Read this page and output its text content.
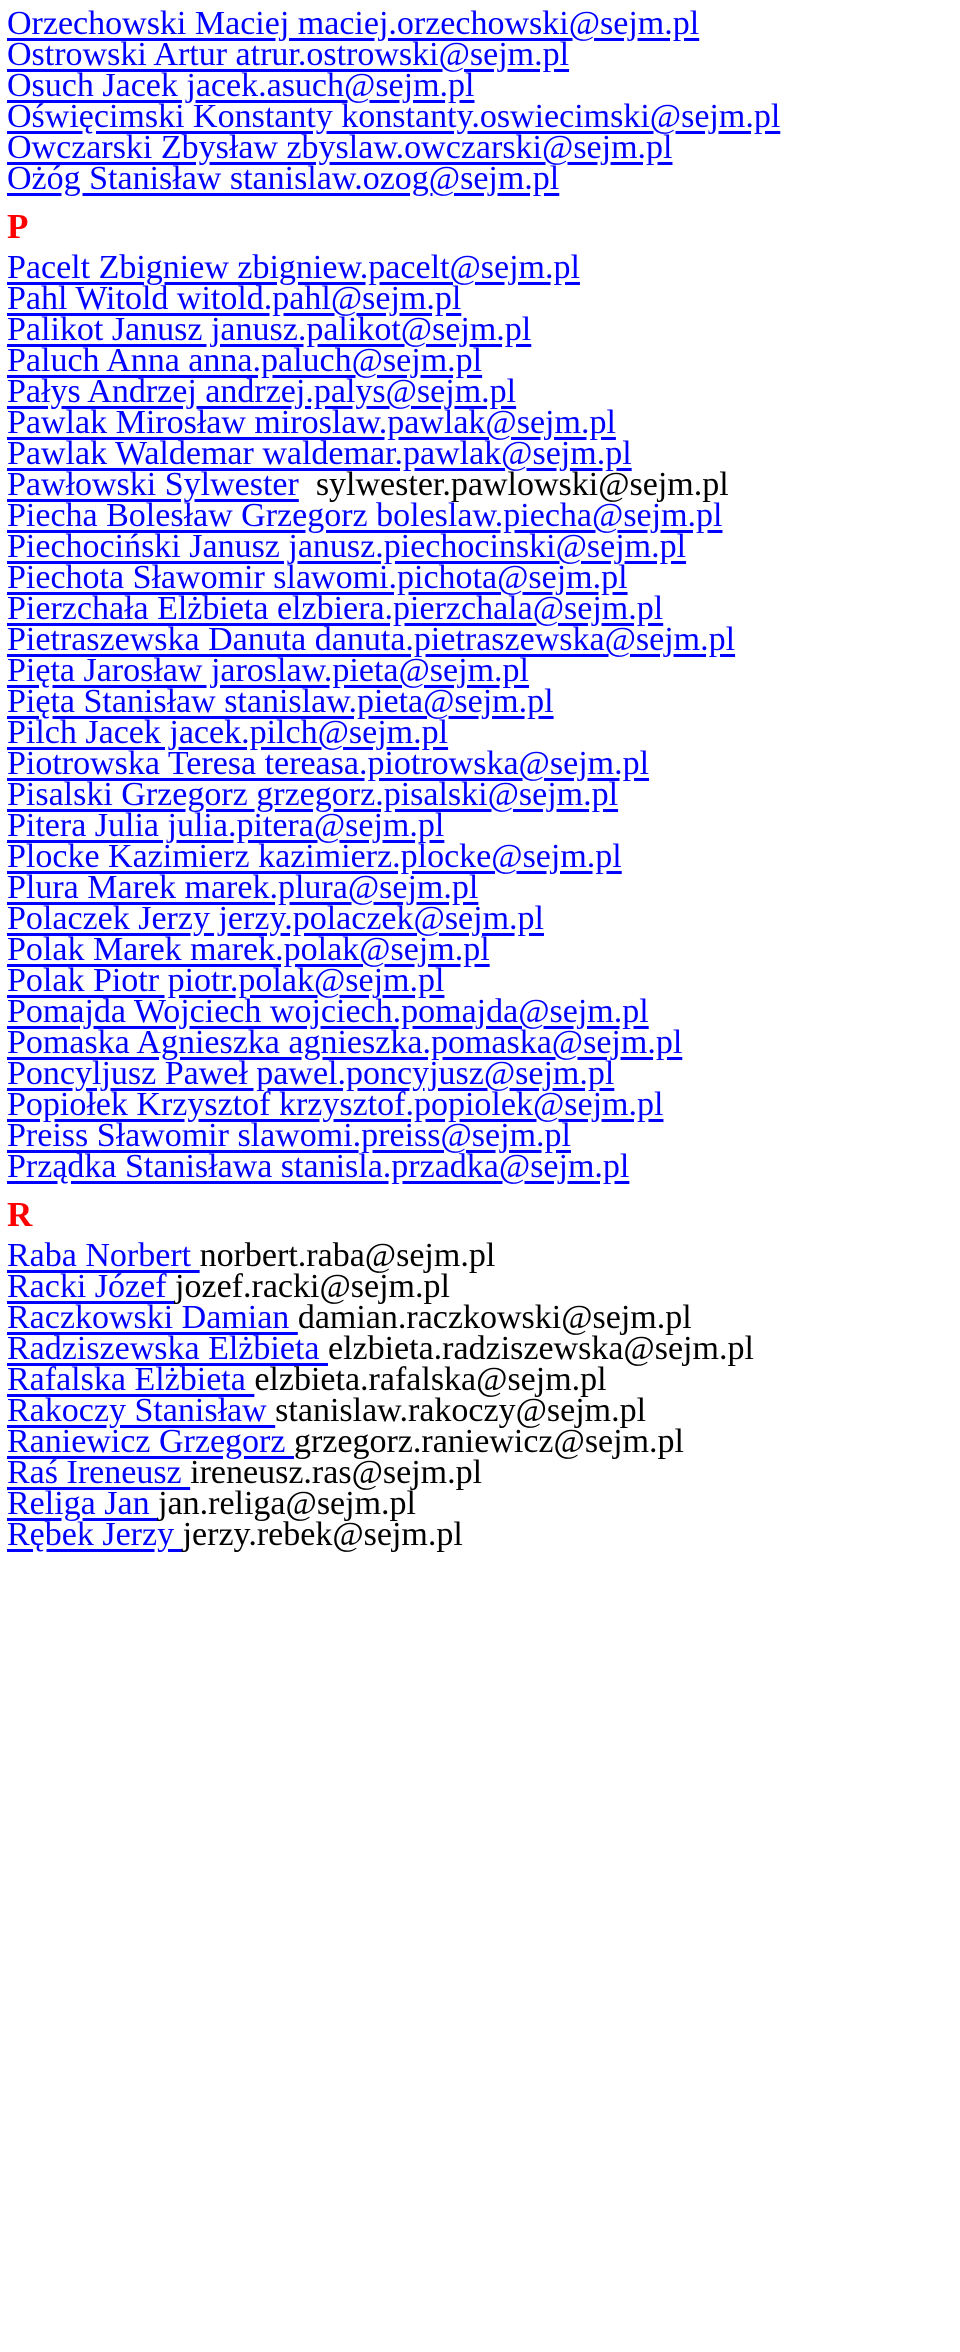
Orzechowski Maciej maciej.orzechowski@sejm.pl
Ostrowski Artur atrur.ostrowski@sejm.pl
Osuch Jacek jacek.asuch@sejm.pl
Oświęcimski Konstanty konstanty.oswiecimski@sejm.pl
Owczarski Zbysław zbyslaw.owczarski@sejm.pl
Ożóg Stanisław stanislaw.ozog@sejm.pl
P
Pacelt Zbigniew zbigniew.pacelt@sejm.pl
Pahl Witold witold.pahl@sejm.pl
Palikot Janusz janusz.palikot@sejm.pl
Paluch Anna anna.paluch@sejm.pl
Pałys Andrzej andrzej.palys@sejm.pl
Pawlak Mirosław miroslaw.pawlak@sejm.pl
Pawlak Waldemar waldemar.pawlak@sejm.pl
Pawłowski Sylwester sylwester.pawlowski@sejm.pl
Piecha Bolesław Grzegorz boleslaw.piecha@sejm.pl
Piechociński Janusz janusz.piechocinski@sejm.pl
Piechota Sławomir slawomi.pichota@sejm.pl
Pierzchała Elżbieta elzbiera.pierzchala@sejm.pl
Pietraszewska Danuta danuta.pietraszewska@sejm.pl
Pięta Jarosław jaroslaw.pieta@sejm.pl
Pięta Stanisław stanislaw.pieta@sejm.pl
Pilch Jacek jacek.pilch@sejm.pl
Piotrowska Teresa tereasa.piotrowska@sejm.pl
Pisalski Grzegorz grzegorz.pisalski@sejm.pl
Pitera Julia julia.pitera@sejm.pl
Plocke Kazimierz kazimierz.plocke@sejm.pl
Plura Marek marek.plura@sejm.pl
Polaczek Jerzy jerzy.polaczek@sejm.pl
Polak Marek marek.polak@sejm.pl
Polak Piotr piotr.polak@sejm.pl
Pomajda Wojciech wojciech.pomajda@sejm.pl
Pomaska Agnieszka agnieszka.pomaska@sejm.pl
Poncyljusz Paweł pawel.poncyjusz@sejm.pl
Popiołek Krzysztof krzysztof.popiolek@sejm.pl
Preiss Sławomir slawomi.preiss@sejm.pl
Prządka Stanisława stanisla.przadka@sejm.pl
R
Raba Norbert norbert.raba@sejm.pl
Racki Józef jozef.racki@sejm.pl
Raczkowski Damian damian.raczkowski@sejm.pl
Radziszewska Elżbieta elzbieta.radziszewska@sejm.pl
Rafalska Elżbieta elzbieta.rafalska@sejm.pl
Rakoczy Stanisław stanislaw.rakoczy@sejm.pl
Raniewicz Grzegorz grzegorz.raniewicz@sejm.pl
Raś Ireneusz ireneusz.ras@sejm.pl
Religa Jan jan.religa@sejm.pl
Rębek Jerzy jerzy.rebek@sejm.pl
